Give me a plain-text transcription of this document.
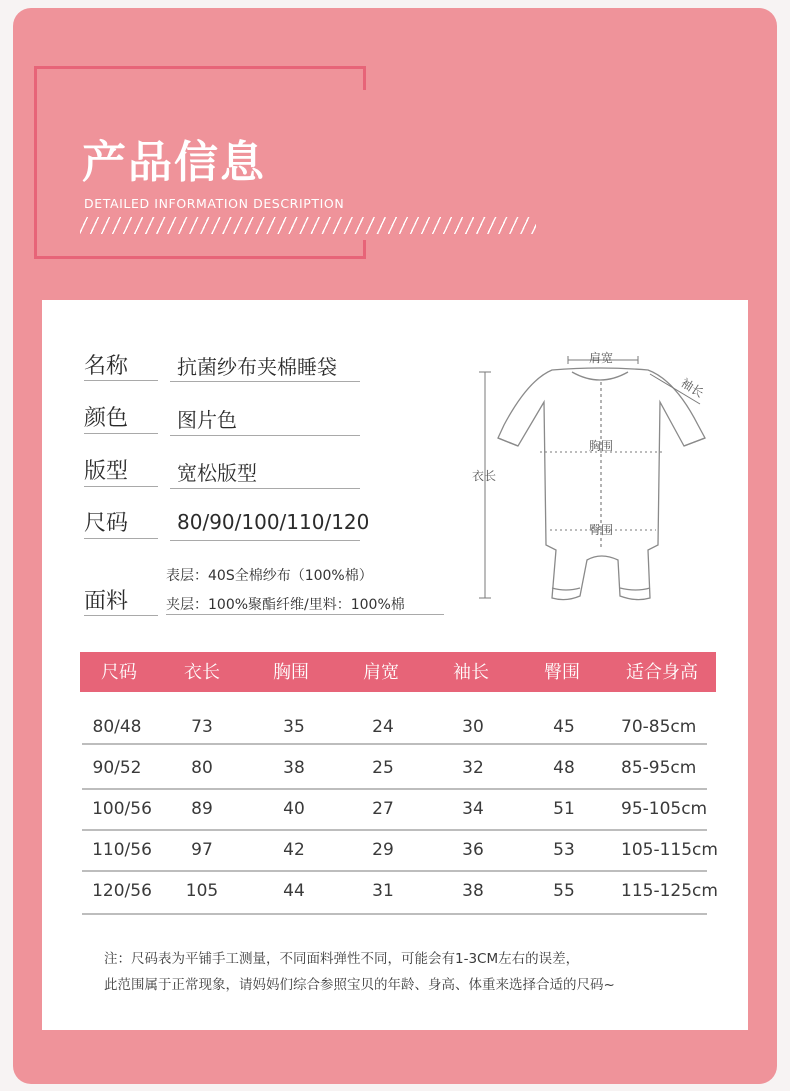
产品信息
DETAILED INFORMATION DESCRIPTION
名称 抗菌纱布夹棉睡袋
颜色 图片色
版型 宽松版型
尺码 80/90/100/110/120
面料
表层：40S全棉纱布（100%棉）
夹层：100%聚酯纤维/里料：100%棉
肩宽
袖长
胸围
衣长
臀围
尺码	衣长	胸围	肩宽	袖长	臀围	适合身高
80/48	73	35	24	30	45	70-85cm
90/52	80	38	25	32	48	85-95cm
100/56	89	40	27	34	51	95-105cm
110/56	97	42	29	36	53	105-115cm
120/56	105	44	31	38	55	115-125cm
注：尺码表为平铺手工测量，不同面料弹性不同，可能会有1-3CM左右的误差，
此范围属于正常现象，请妈妈们综合参照宝贝的年龄、身高、体重来选择合适的尺码~
